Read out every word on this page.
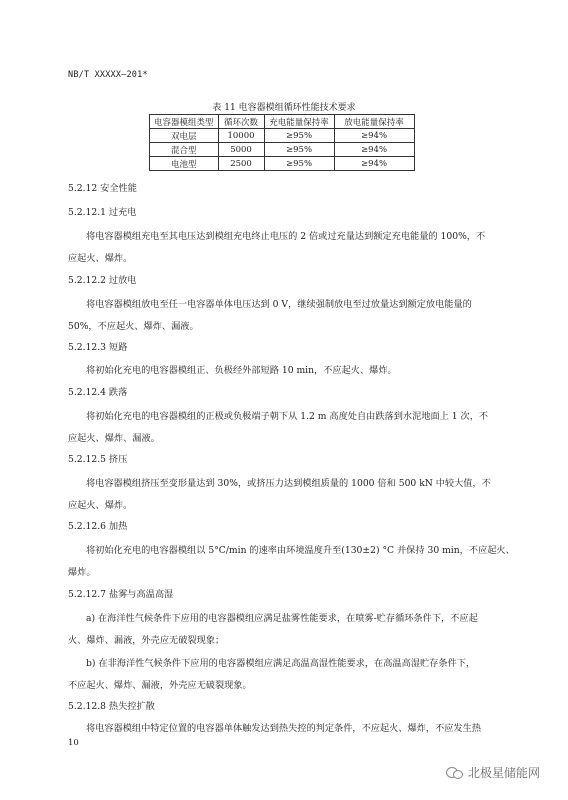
NB/T XXXXX—201*
表 11 电容器模组循环性能技术要求
电容器模组类型	循环次数	充电能量保持率	放电能量保持率
双电层	10000	≥95%	≥94%
混合型	5000	≥95%	≥94%
电池型	2500	≥95%	≥94%
5.2.12 安全性能
5.2.12.1 过充电
将电容器模组充电至其电压达到模组充电终止电压的 2 倍或过充量达到额定充电能量的 100%，不
应起火、爆炸。
5.2.12.2 过放电
将电容器模组放电至任一电容器单体电压达到 0 V，继续强制放电至过放量达到额定放电能量的
50%，不应起火、爆炸、漏液。
5.2.12.3 短路
将初始化充电的电容器模组正、负极经外部短路 10 min，不应起火、爆炸。
5.2.12.4 跌落
将初始化充电的电容器模组的正极或负极端子朝下从 1.2 m 高度处自由跌落到水泥地面上 1 次，不
应起火、爆炸、漏液。
5.2.12.5 挤压
将电容器模组挤压至变形量达到 30%，或挤压力达到模组质量的 1000 倍和 500 kN 中较大值，不
应起火、爆炸。
5.2.12.6 加热
将初始化充电的电容器模组以 5°C/min 的速率由环境温度升至(130±2) °C 并保持 30 min，不应起火、
爆炸。
5.2.12.7 盐雾与高温高湿
a) 在海洋性气候条件下应用的电容器模组应满足盐雾性能要求，在喷雾-贮存循环条件下，不应起
火、爆炸、漏液，外壳应无破裂现象；
b) 在非海洋性气候条件下应用的电容器模组应满足高温高湿性能要求，在高温高湿贮存条件下，
不应起火、爆炸、漏液，外壳应无破裂现象。
5.2.12.8 热失控扩散
将电容器模组中特定位置的电容器单体触发达到热失控的判定条件，不应起火、爆炸，不应发生热
10
北极星储能网
